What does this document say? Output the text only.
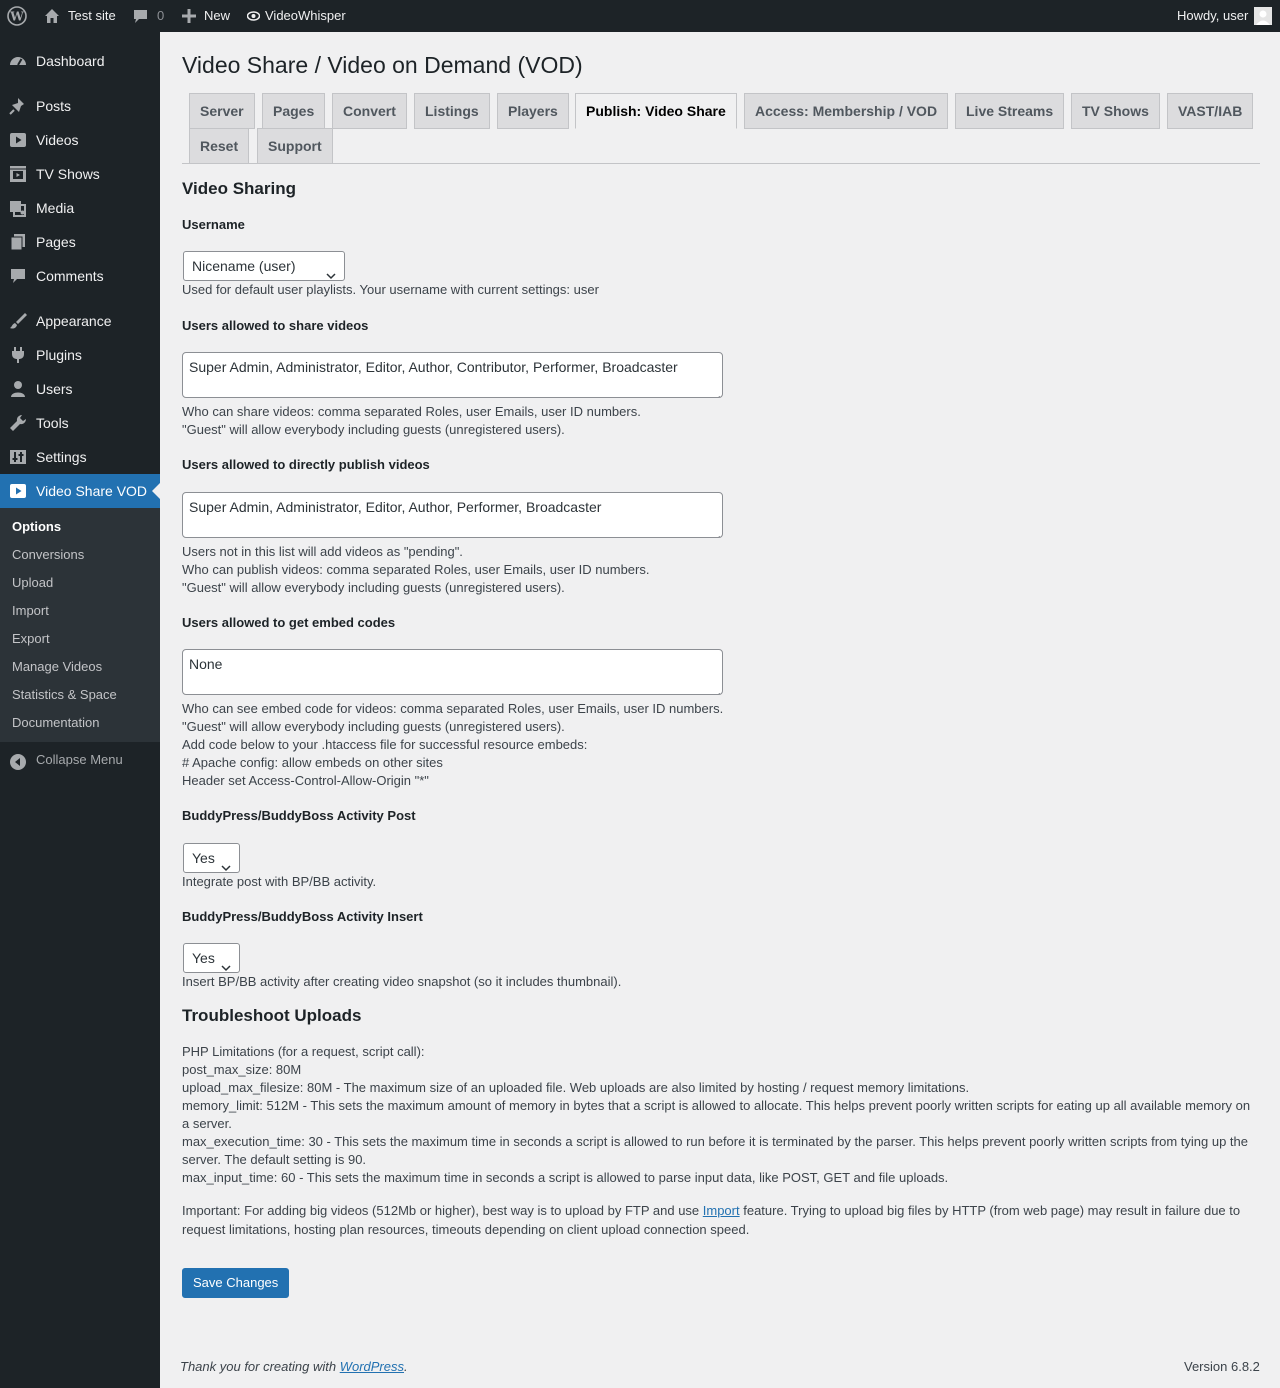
W	Test site	0	New	VideoWhisper	Howdy, user
Dashboard
Posts
Videos
TV Shows
Media
Pages
Comments
Appearance
Plugins
Users
Tools
Settings
Video Share VOD
Options
Conversions
Upload
Import
Export
Manage Videos
Statistics & Space
Documentation
Collapse Menu
Video Share / Video on Demand (VOD)
Server	Pages	Convert	Listings	Players	Publish: Video Share	Access: Membership / VOD	Live Streams	TV Shows	VAST/IAB
Reset	Support
Video Sharing
Username
Nicename (user)
Used for default user playlists. Your username with current settings: user
Users allowed to share videos
Super Admin, Administrator, Editor, Author, Contributor, Performer, Broadcaster
Who can share videos: comma separated Roles, user Emails, user ID numbers.
"Guest" will allow everybody including guests (unregistered users).
Users allowed to directly publish videos
Super Admin, Administrator, Editor, Author, Performer, Broadcaster
Users not in this list will add videos as "pending".
Who can publish videos: comma separated Roles, user Emails, user ID numbers.
"Guest" will allow everybody including guests (unregistered users).
Users allowed to get embed codes
None
Who can see embed code for videos: comma separated Roles, user Emails, user ID numbers.
"Guest" will allow everybody including guests (unregistered users).
Add code below to your .htaccess file for successful resource embeds:
# Apache config: allow embeds on other sites
Header set Access-Control-Allow-Origin "*"
BuddyPress/BuddyBoss Activity Post
Yes
Integrate post with BP/BB activity.
BuddyPress/BuddyBoss Activity Insert
Yes
Insert BP/BB activity after creating video snapshot (so it includes thumbnail).
Troubleshoot Uploads
PHP Limitations (for a request, script call):
post_max_size: 80M
upload_max_filesize: 80M - The maximum size of an uploaded file. Web uploads are also limited by hosting / request memory limitations.
memory_limit: 512M - This sets the maximum amount of memory in bytes that a script is allowed to allocate. This helps prevent poorly written scripts for eating up all available memory on a server.
max_execution_time: 30 - This sets the maximum time in seconds a script is allowed to run before it is terminated by the parser. This helps prevent poorly written scripts from tying up the server. The default setting is 90.
max_input_time: 60 - This sets the maximum time in seconds a script is allowed to parse input data, like POST, GET and file uploads.
Important: For adding big videos (512Mb or higher), best way is to upload by FTP and use Import feature. Trying to upload big files by HTTP (from web page) may result in failure due to request limitations, hosting plan resources, timeouts depending on client upload connection speed.
Save Changes
Thank you for creating with WordPress.	Version 6.8.2
